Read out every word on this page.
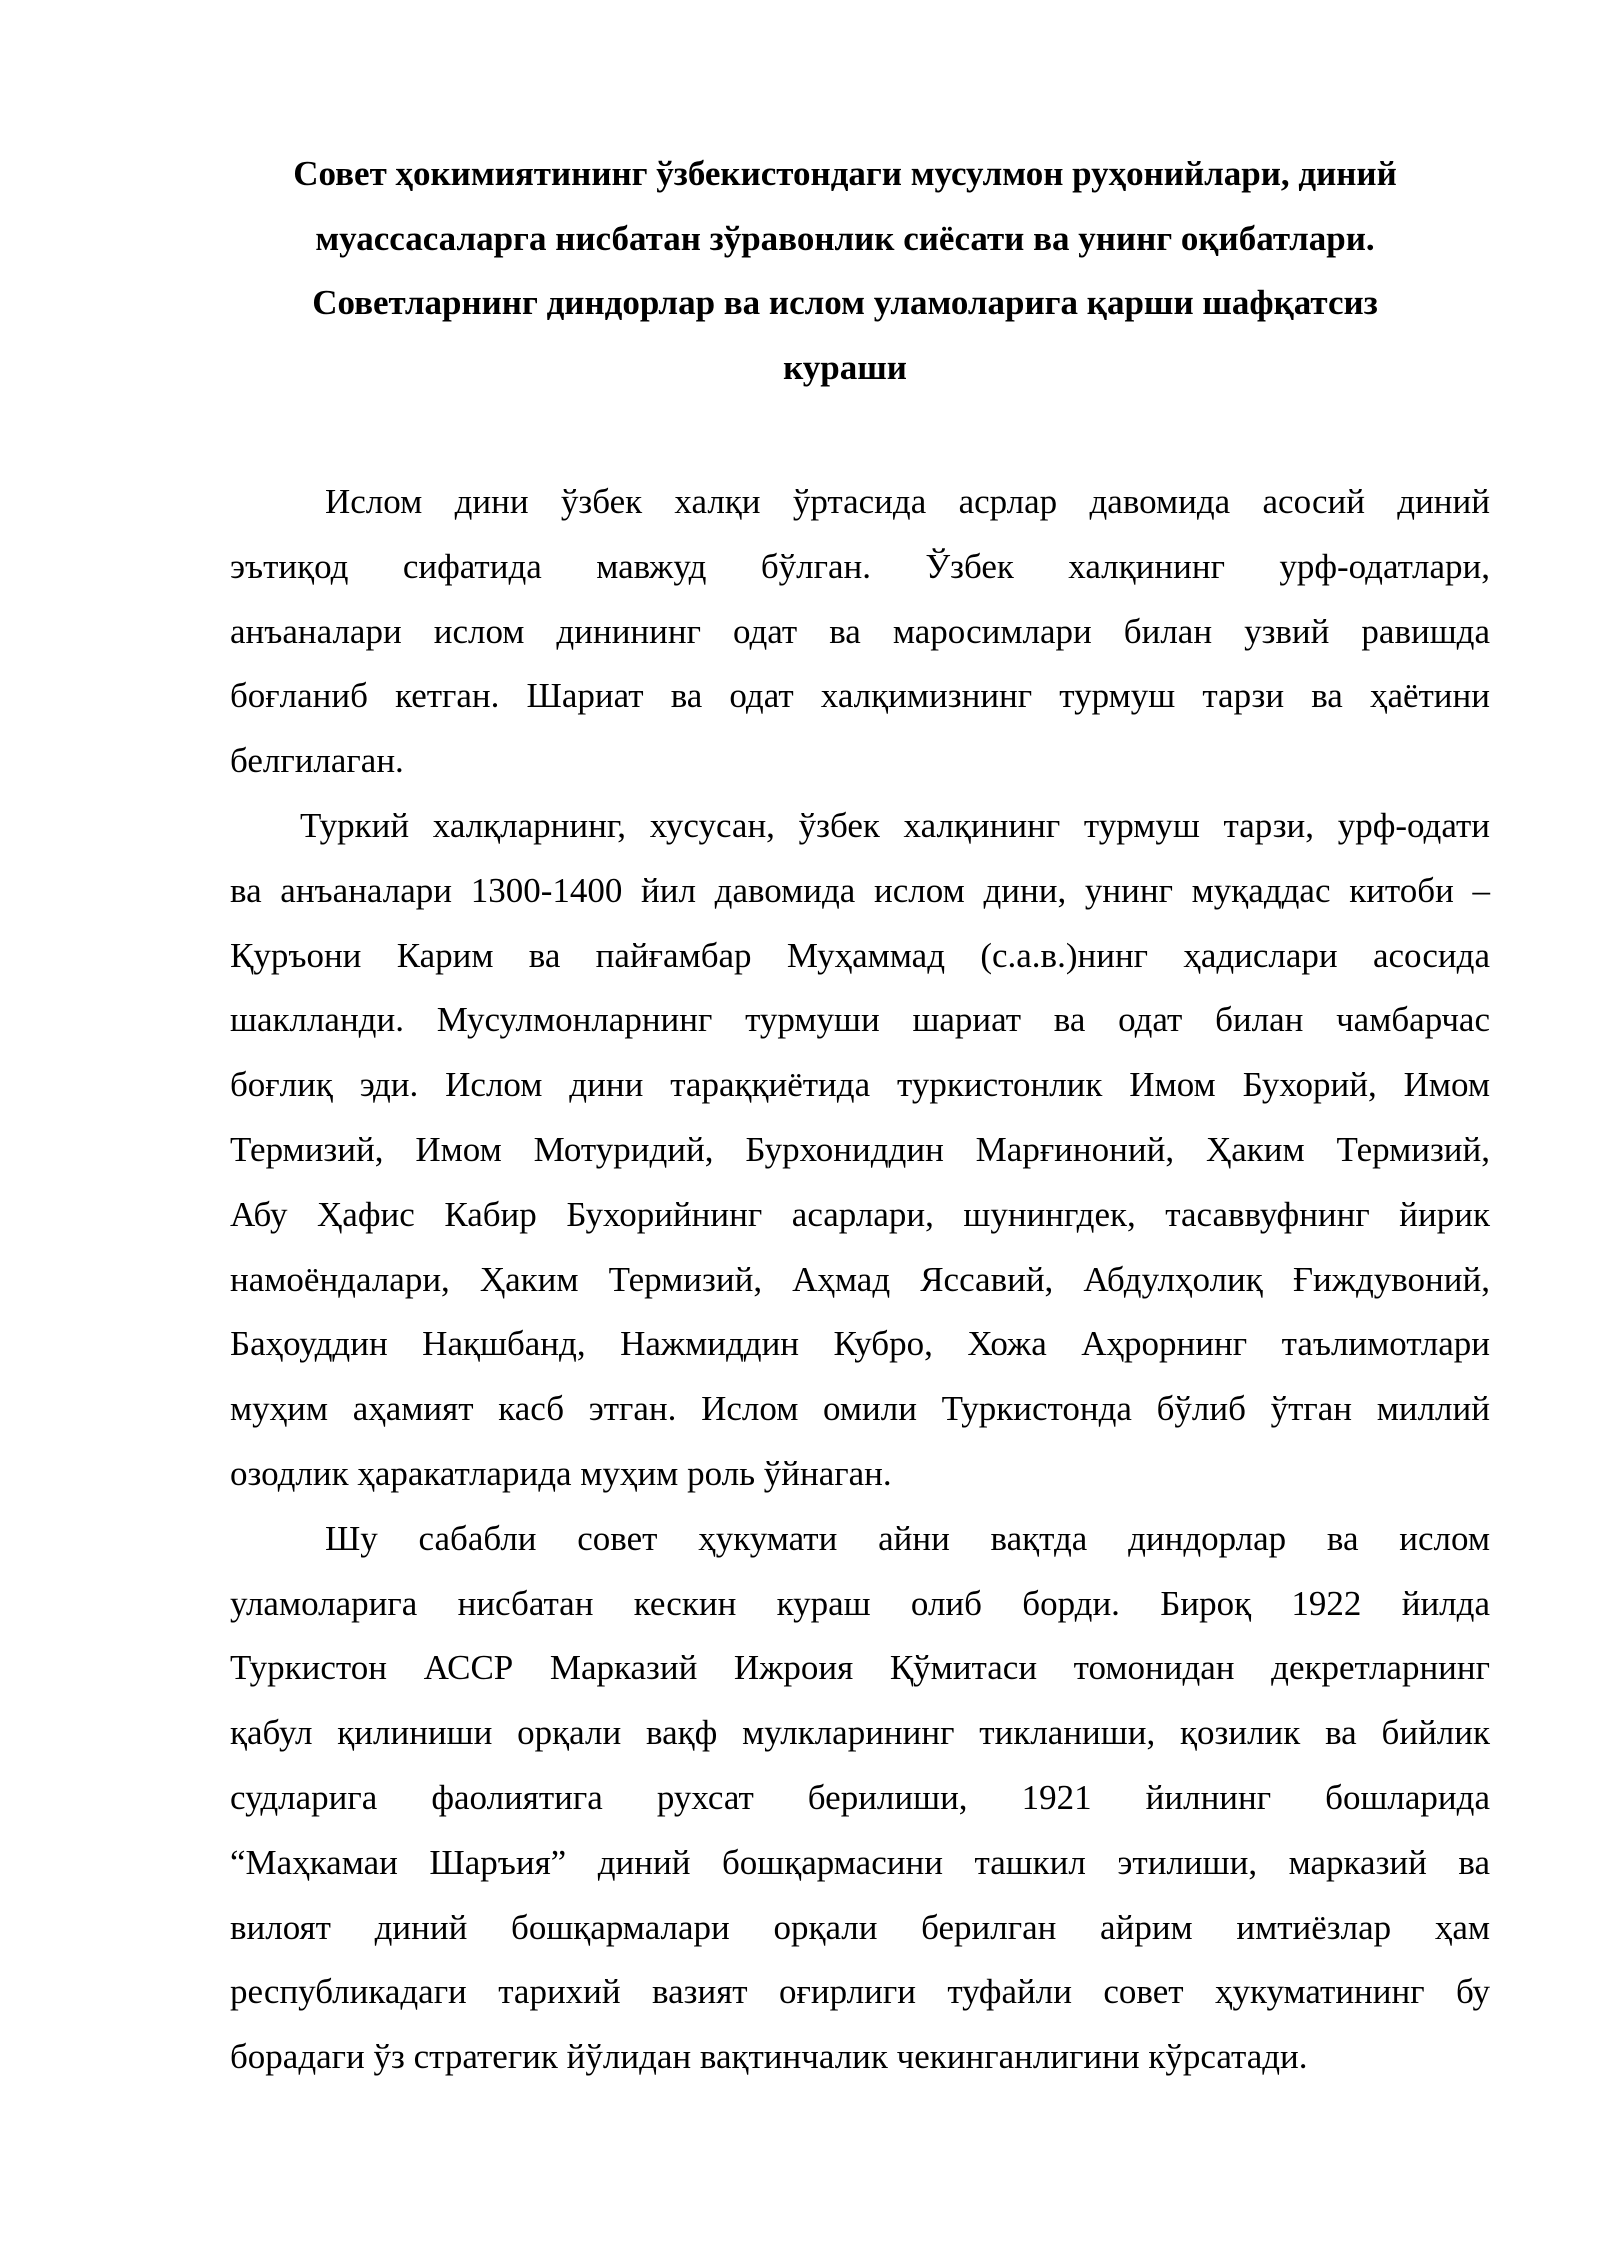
Совет ҳокимиятининг ўзбекистондаги мусулмон руҳонийлари, диний
муассасаларга нисбатан зўравонлик сиёсати ва унинг оқибатлари.
Советларнинг диндорлар ва ислом уламоларига қарши шафқатсиз
кураши
Ислом дини ўзбек халқи ўртасида асрлар давомида асосий диний
эътиқод сифатида мавжуд бўлган. Ўзбек халқининг урф-одатлари,
анъаналари ислом динининг одат ва маросимлари билан узвий равишда
боғланиб кетган. Шариат ва одат халқимизнинг турмуш тарзи ва ҳаётини
белгилаган.
Туркий халқларнинг, хусусан, ўзбек халқининг турмуш тарзи, урф-одати
ва анъаналари 1300-1400 йил давомида ислом дини, унинг муқаддас китоби –
Қуръони Карим ва пайғамбар Муҳаммад (с.а.в.)нинг ҳадислари асосида
шаклланди. Мусулмонларнинг турмуши шариат ва одат билан чамбарчас
боғлиқ эди. Ислом дини тараққиётида туркистонлик Имом Бухорий, Имом
Термизий, Имом Мотуридий, Бурхониддин Марғиноний, Ҳаким Термизий,
Абу Ҳафис Кабир Бухорийнинг асарлари, шунингдек, тасаввуфнинг йирик
намоёндалари, Ҳаким Термизий, Аҳмад Яссавий, Абдулҳолиқ Ғиждувоний,
Баҳоуддин Нақшбанд, Нажмиддин Кубро, Хожа Аҳрорнинг таълимотлари
муҳим аҳамият касб этган. Ислом омили Туркистонда бўлиб ўтган миллий
озодлик ҳаракатларида муҳим роль ўйнаган.
Шу сабабли совет ҳукумати айни вақтда диндорлар ва ислом
уламоларига нисбатан кескин кураш олиб борди. Бироқ 1922 йилда
Туркистон АССР Марказий Ижроия Қўмитаси томонидан декретларнинг
қабул қилиниши орқали вақф мулкларининг тикланиши, қозилик ва бийлик
судларига фаолиятига рухсат берилиши, 1921 йилнинг бошларида
“Маҳкамаи Шаръия” диний бошқармасини ташкил этилиши, марказий ва
вилоят диний бошқармалари орқали берилган айрим имтиёзлар ҳам
республикадаги тарихий вазият оғирлиги туфайли совет ҳукуматининг бу
борадаги ўз стратегик йўлидан вақтинчалик чекинганлигини кўрсатади.
